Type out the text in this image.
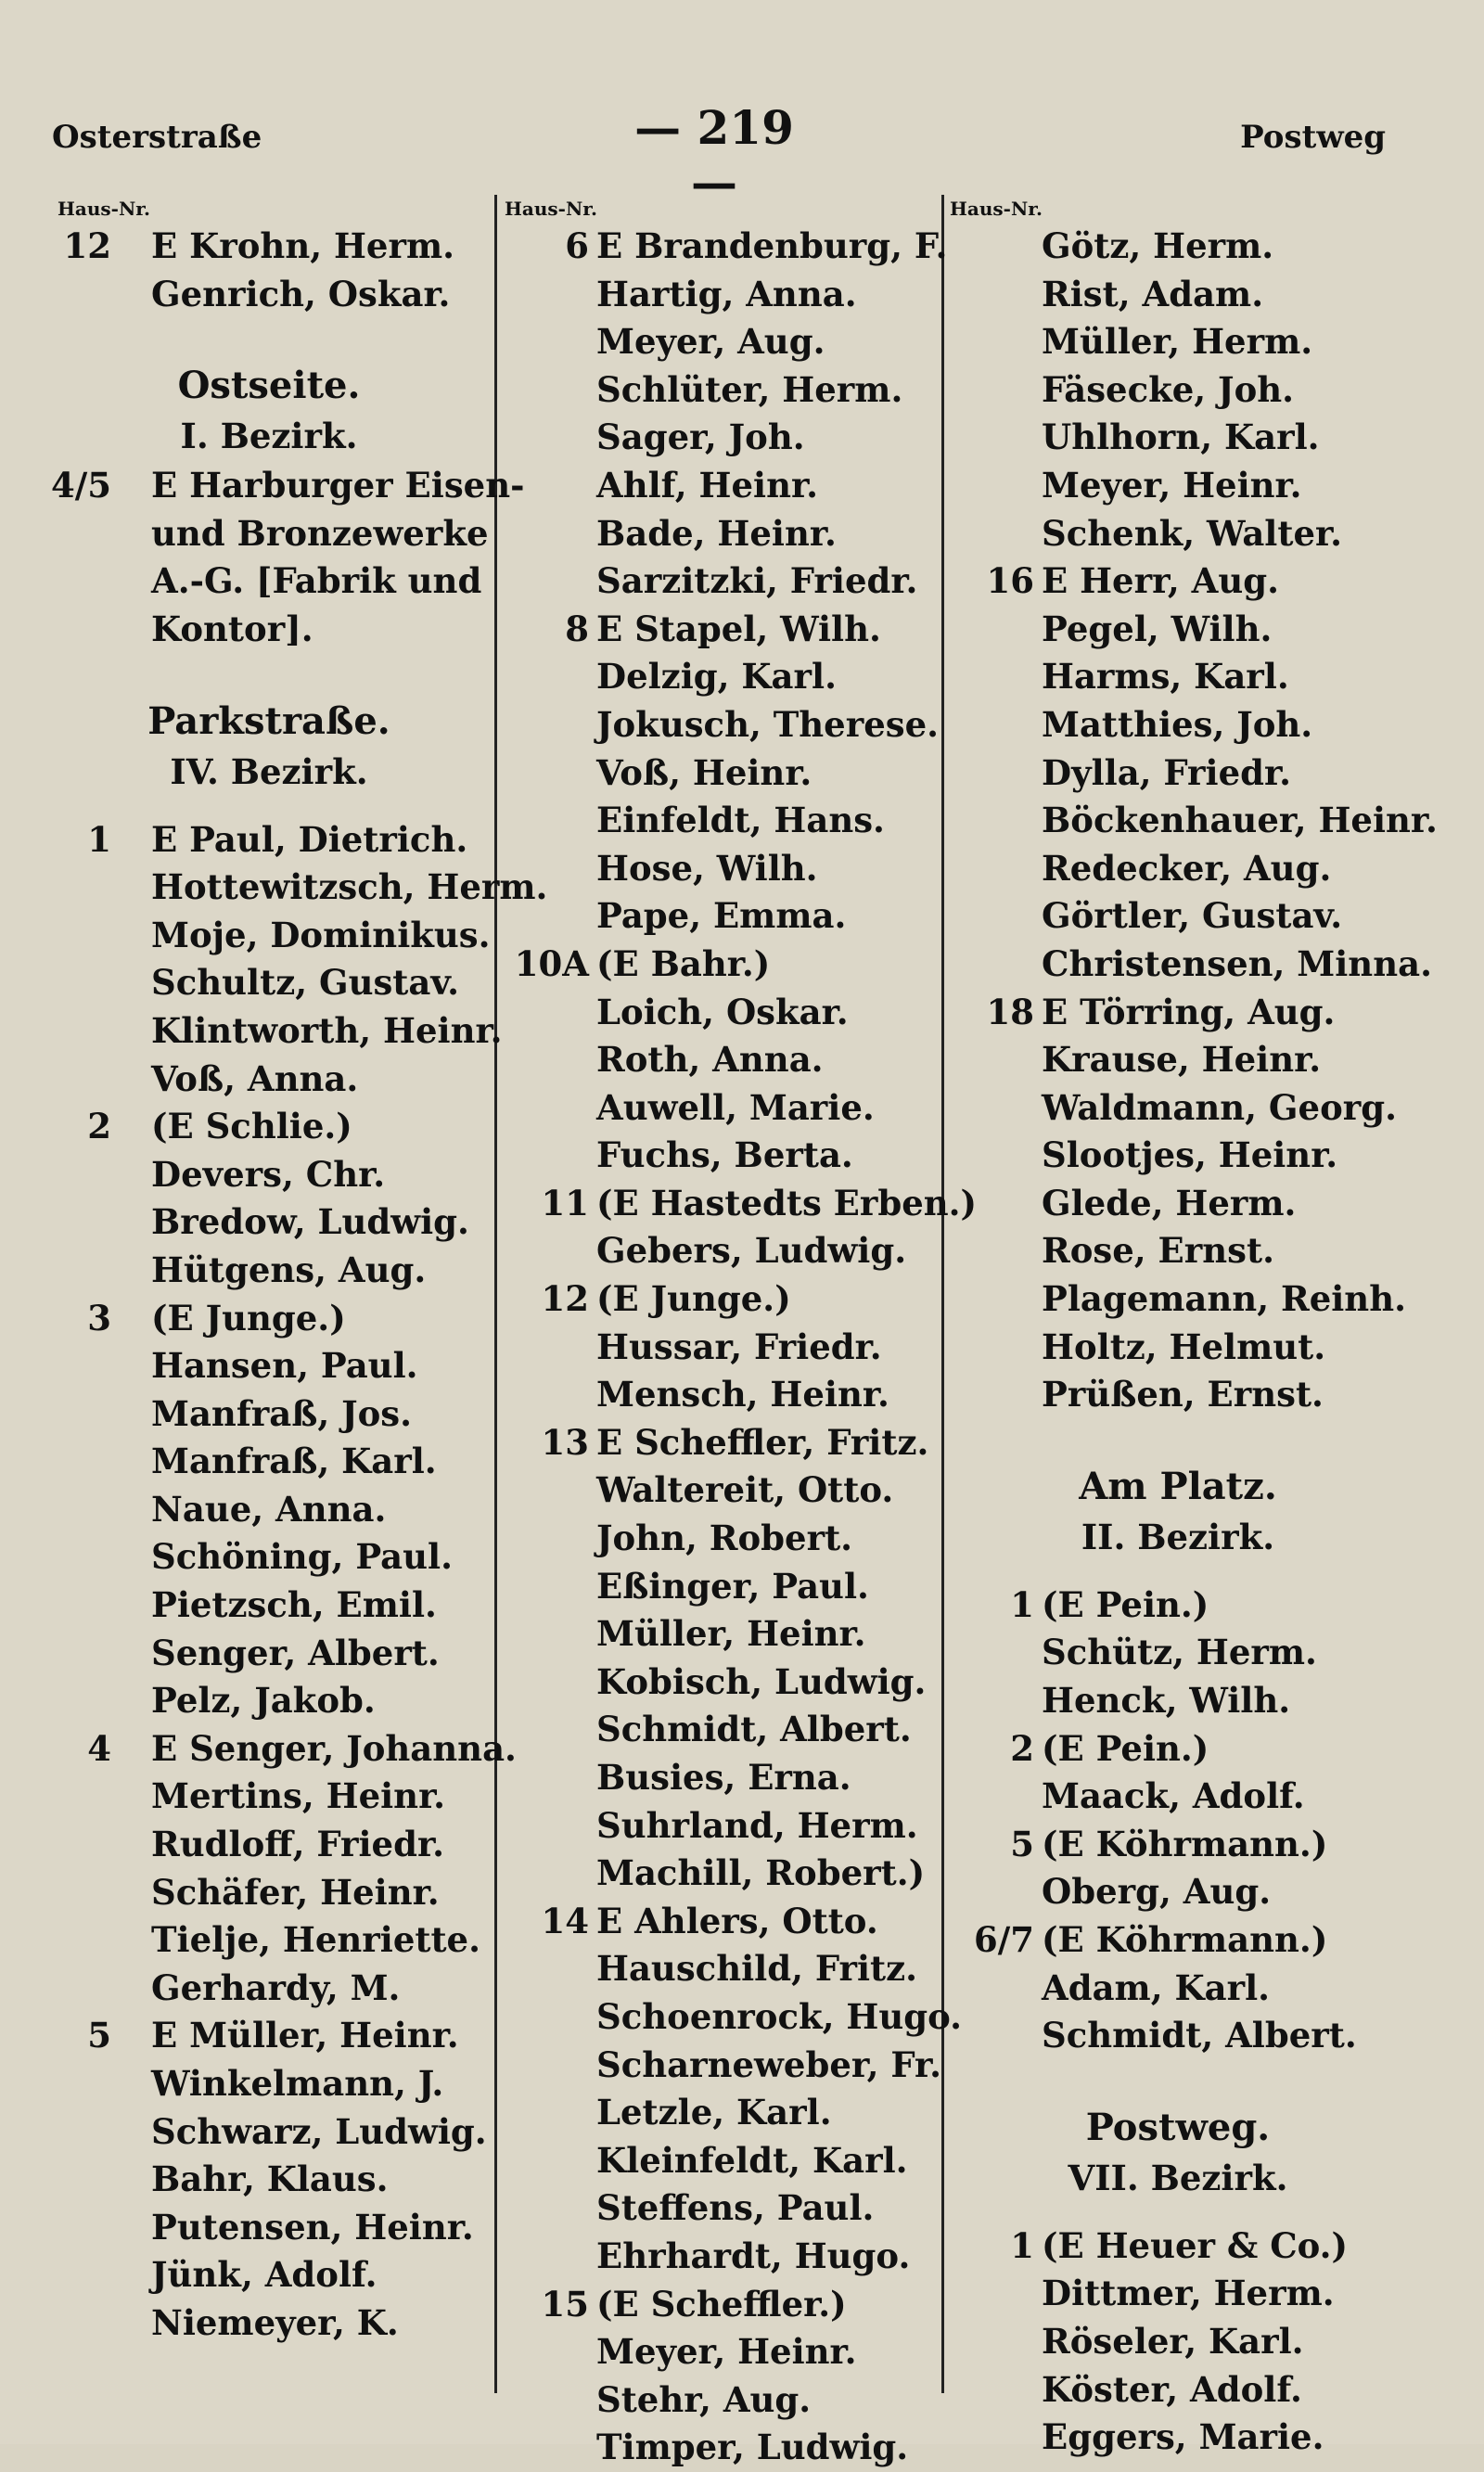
Osterstraße	— 219 —
Postweg
Haus-Nr.
12 E Krohn, Herm.
Genrich, Oskar.
Ostseite.
I. Bezirk.
4/5 E Harburger Eisen-
und Bronzewerke
A.-G. [Fabrik und
Kontor].
Parkstraße.
IV. Bezirk.
1 E Paul, Dietrich.
Hottewitzsch, Herm.
Moje, Dominikus.
Schultz, Gustav.
Klintworth, Heinr.
Voß, Anna.
2 (E Schlie.)
Devers, Chr.
Bredow, Ludwig.
Hütgens, Aug.
3 (E Junge.)
Hansen, Paul.
Manfraß, Jos.
Manfraß, Karl.
Naue, Anna.
Schöning, Paul.
Pietzsch, Emil.
Senger, Albert.
Pelz, Jakob.
4 E Senger, Johanna.
Mertins, Heinr.
Rudloff, Friedr.
Schäfer, Heinr.
Tielje, Henriette.
Gerhardy, M.
5 E Müller, Heinr.
Winkelmann, J.
Schwarz, Ludwig.
Bahr, Klaus.
Putensen, Heinr.
Jünk, Adolf.
Niemeyer, K.
Haus-Nr.
6 E Brandenburg, F.
Hartig, Anna.
Meyer, Aug.
Schlüter, Herm.
Sager, Joh.
Ahlf, Heinr.
Bade, Heinr.
Sarzitzki, Friedr.
8 E Stapel, Wilh.
Delzig, Karl.
Jokusch, Therese.
Voß, Heinr.
Einfeldt, Hans.
Hose, Wilh.
Pape, Emma.
10A (E Bahr.)
Loich, Oskar.
Roth, Anna.
Auwell, Marie.
Fuchs, Berta.
11 (E Hastedts Erben.)
Gebers, Ludwig.
12 (E Junge.)
Hussar, Friedr.
Mensch, Heinr.
13 E Scheffler, Fritz.
Waltereit, Otto.
John, Robert.
Eßinger, Paul.
Müller, Heinr.
Kobisch, Ludwig.
Schmidt, Albert.
Busies, Erna.
Suhrland, Herm.
Machill, Robert.)
14 E Ahlers, Otto.
Hauschild, Fritz.
Schoenrock, Hugo.
Scharneweber, Fr.
Letzle, Karl.
Kleinfeldt, Karl.
Steffens, Paul.
Ehrhardt, Hugo.
15 (E Scheffler.)
Meyer, Heinr.
Stehr, Aug.
Timper, Ludwig.
Haus-Nr.
Götz, Herm.
Rist, Adam.
Müller, Herm.
Fäsecke, Joh.
Uhlhorn, Karl.
Meyer, Heinr.
Schenk, Walter.
16 E Herr, Aug.
Pegel, Wilh.
Harms, Karl.
Matthies, Joh.
Dylla, Friedr.
Böckenhauer, Heinr.
Redecker, Aug.
Görtler, Gustav.
Christensen, Minna.
18 E Törring, Aug.
Krause, Heinr.
Waldmann, Georg.
Slootjes, Heinr.
Glede, Herm.
Rose, Ernst.
Plagemann, Reinh.
Holtz, Helmut.
Prüßen, Ernst.
Am Platz.
II. Bezirk.
1 (E Pein.)
Schütz, Herm.
Henck, Wilh.
2 (E Pein.)
Maack, Adolf.
5 (E Köhrmann.)
Oberg, Aug.
6/7 (E Köhrmann.)
Adam, Karl.
Schmidt, Albert.
Postweg.
VII. Bezirk.
1 (E Heuer & Co.)
Dittmer, Herm.
Röseler, Karl.
Köster, Adolf.
Eggers, Marie.
